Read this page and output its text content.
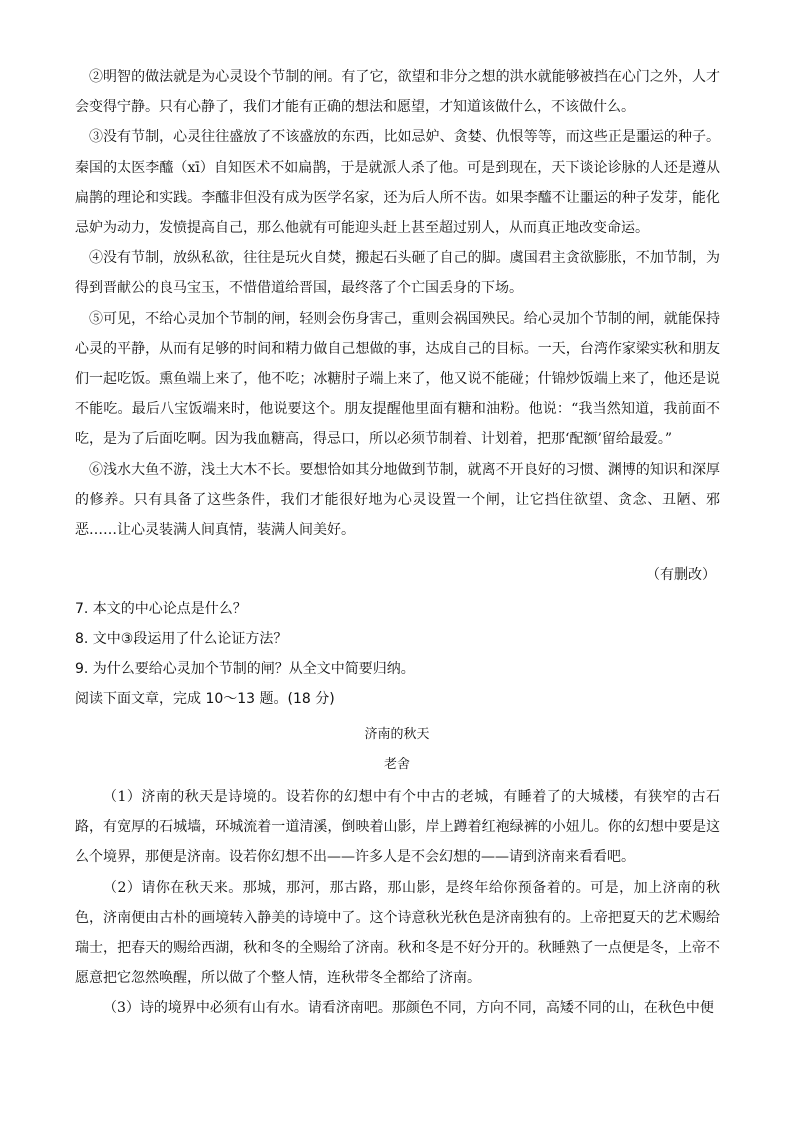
②明智的做法就是为心灵设个节制的闸。有了它，欲望和非分之想的洪水就能够被挡在心门之外，人才会变得宁静。只有心静了，我们才能有正确的想法和愿望，才知道该做什么，不该做什么。

③没有节制，心灵往往盛放了不该盛放的东西，比如忌妒、贪婪、仇恨等等，而这些正是噩运的种子。秦国的太医李醯（xī）自知医术不如扁鹊，于是就派人杀了他。可是到现在，天下谈论诊脉的人还是遵从扁鹊的理论和实践。李醯非但没有成为医学名家，还为后人所不齿。如果李醯不让噩运的种子发芽，能化忌妒为动力，发愤提高自己，那么他就有可能迎头赶上甚至超过别人，从而真正地改变命运。

④没有节制，放纵私欲，往往是玩火自焚，搬起石头砸了自己的脚。虞国君主贪欲膨胀，不加节制，为得到晋献公的良马宝玉，不惜借道给晋国，最终落了个亡国丢身的下场。

⑤可见，不给心灵加个节制的闸，轻则会伤身害己，重则会祸国殃民。给心灵加个节制的闸，就能保持心灵的平静，从而有足够的时间和精力做自己想做的事，达成自己的目标。一天，台湾作家梁实秋和朋友们一起吃饭。熏鱼端上来了，他不吃；冰糖肘子端上来了，他又说不能碰；什锦炒饭端上来了，他还是说不能吃。最后八宝饭端来时，他说要这个。朋友提醒他里面有糖和油粉。他说：“我当然知道，我前面不吃，是为了后面吃啊。因为我血糖高，得忌口，所以必须节制着、计划着，把那‘配额’留给最爱。”

⑥浅水大鱼不游，浅土大木不长。要想恰如其分地做到节制，就离不开良好的习惯、渊博的知识和深厚的修养。只有具备了这些条件，我们才能很好地为心灵设置一个闸，让它挡住欲望、贪念、丑陋、邪恶……让心灵装满人间真情，装满人间美好。

（有删改）
7. 本文的中心论点是什么？
8. 文中③段运用了什么论证方法？
9. 为什么要给心灵加个节制的闸？从全文中简要归纳。
阅读下面文章，完成 10～13 题。(18 分)
济南的秋天
老舍

（1）济南的秋天是诗境的。设若你的幻想中有个中古的老城，有睡着了的大城楼，有狭窄的古石路，有宽厚的石城墙，环城流着一道清溪，倒映着山影，岸上蹲着红袍绿裤的小妞儿。你的幻想中要是这么个境界，那便是济南。设若你幻想不出——许多人是不会幻想的——请到济南来看看吧。

（2）请你在秋天来。那城，那河，那古路，那山影，是终年给你预备着的。可是，加上济南的秋色，济南便由古朴的画境转入静美的诗境中了。这个诗意秋光秋色是济南独有的。上帝把夏天的艺术赐给瑞士，把春天的赐给西湖，秋和冬的全赐给了济南。秋和冬是不好分开的。秋睡熟了一点便是冬，上帝不愿意把它忽然唤醒，所以做了个整人情，连秋带冬全都给了济南。

（3）诗的境界中必须有山有水。请看济南吧。那颜色不同，方向不同，高矮不同的山，在秋色中便
